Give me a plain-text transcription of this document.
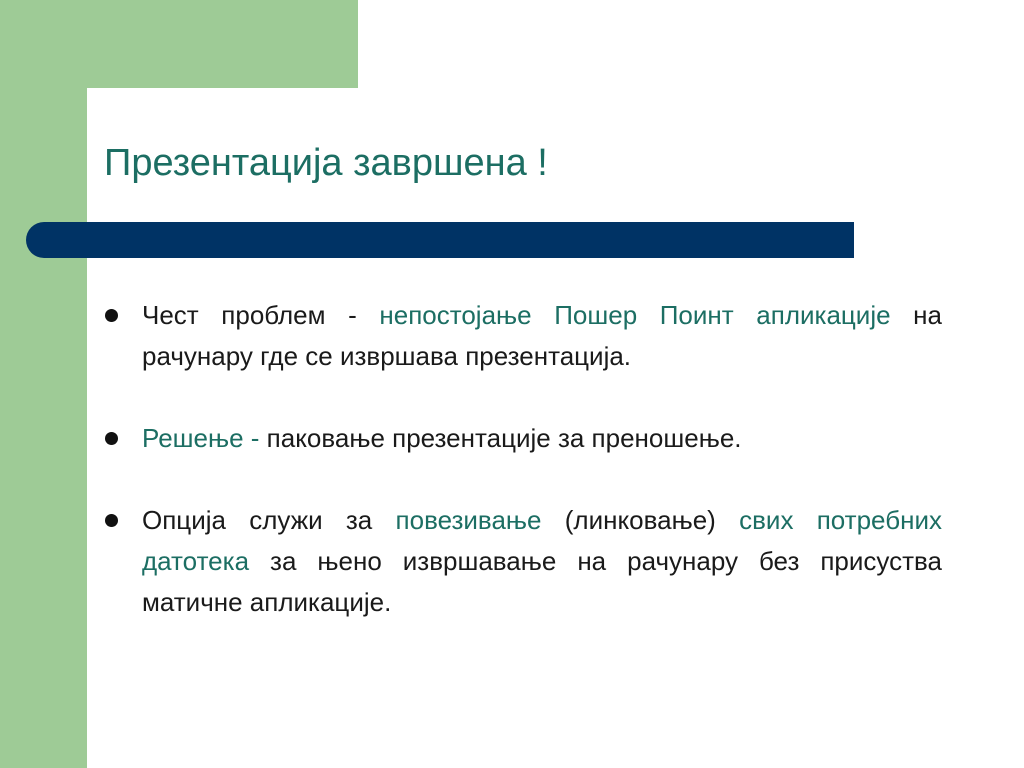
Презентација завршена !
Чест проблем - непостојање Пошер Поинт апликације на рачунару где се извршава презентација.
Решење - паковање презентације за преношење.
Опција служи за повезивање (линковање) свих потребних датотека за њено извршавање на рачунару без присуства матичне апликације.
